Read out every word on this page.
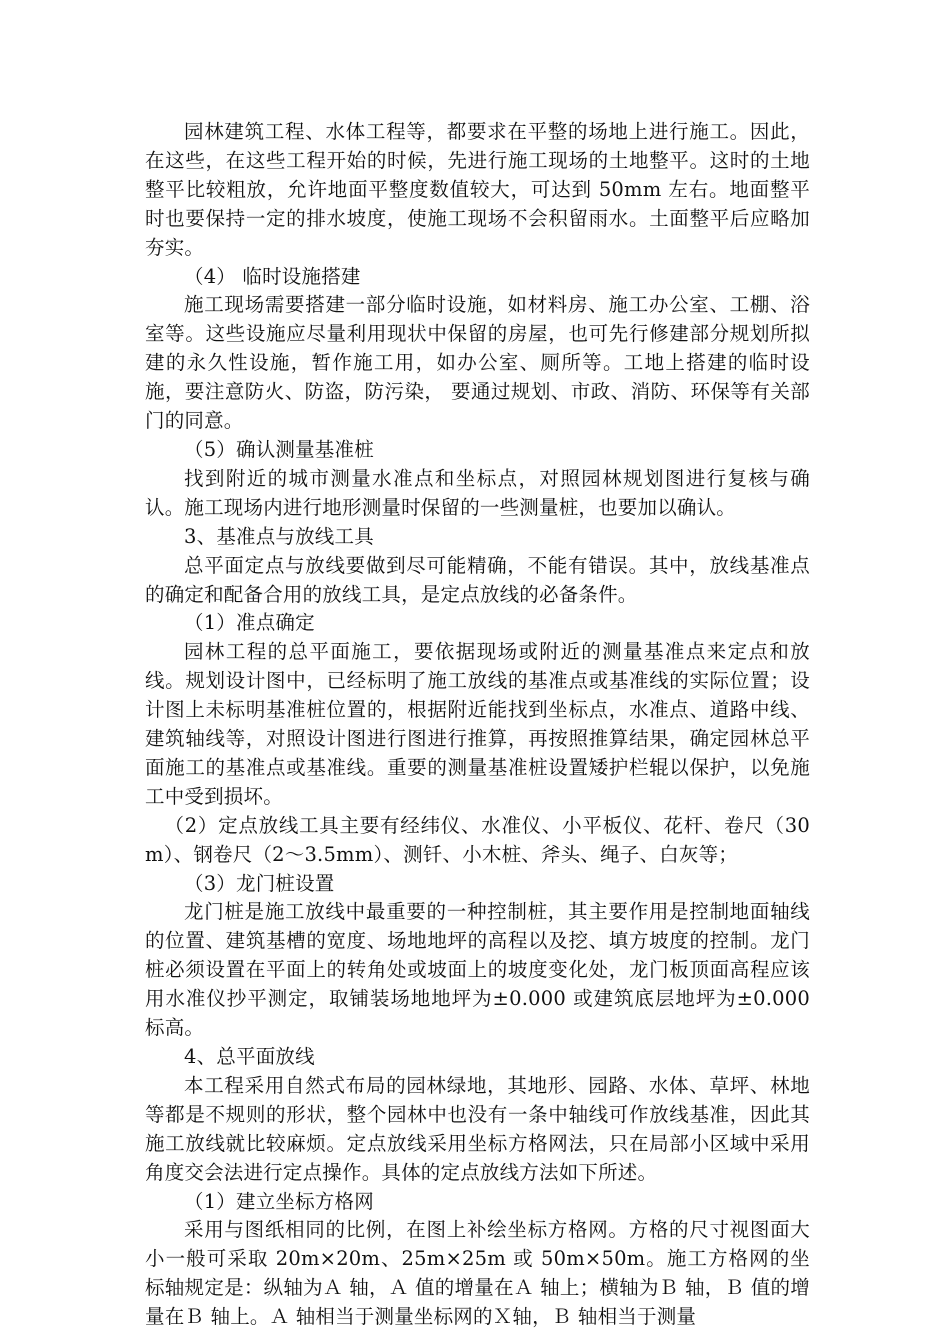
园林建筑工程、水体工程等，都要求在平整的场地上进行施工。因此，在这些，在这些工程开始的时候，先进行施工现场的土地整平。这时的土地整平比较粗放，允许地面平整度数值较大，可达到 50mm 左右。地面整平时也要保持一定的排水坡度，使施工现场不会积留雨水。土面整平后应略加夯实。

（4） 临时设施搭建

施工现场需要搭建一部分临时设施，如材料房、施工办公室、工棚、浴室等。这些设施应尽量利用现状中保留的房屋，也可先行修建部分规划所拟建的永久性设施，暂作施工用，如办公室、厕所等。工地上搭建的临时设施，要注意防火、防盗，防污染， 要通过规划、市政、消防、环保等有关部门的同意。

（5）确认测量基准桩

找到附近的城市测量水准点和坐标点，对照园林规划图进行复核与确认。施工现场内进行地形测量时保留的一些测量桩，也要加以确认。

3、基准点与放线工具

总平面定点与放线要做到尽可能精确，不能有错误。其中，放线基准点的确定和配备合用的放线工具，是定点放线的必备条件。

（1）准点确定

园林工程的总平面施工，要依据现场或附近的测量基准点来定点和放线。规划设计图中，已经标明了施工放线的基准点或基准线的实际位置；设计图上未标明基准桩位置的，根据附近能找到坐标点，水准点、道路中线、建筑轴线等，对照设计图进行图进行推算，再按照推算结果，确定园林总平面施工的基准点或基准线。重要的测量基准桩设置矮护栏辊以保护，以免施工中受到损坏。

（2）定点放线工具主要有经纬仪、水准仪、小平板仪、花杆、卷尺（30m）、钢卷尺（2～3.5mm）、测钎、小木桩、斧头、绳子、白灰等；

（3）龙门桩设置

龙门桩是施工放线中最重要的一种控制桩，其主要作用是控制地面轴线的位置、建筑基槽的宽度、场地地坪的高程以及挖、填方坡度的控制。龙门桩必须设置在平面上的转角处或坡面上的坡度变化处，龙门板顶面高程应该用水准仪抄平测定，取铺装场地地坪为±0.000 或建筑底层地坪为±0.000 标高。

4、总平面放线

本工程采用自然式布局的园林绿地，其地形、园路、水体、草坪、林地等都是不规则的形状，整个园林中也没有一条中轴线可作放线基准，因此其施工放线就比较麻烦。定点放线采用坐标方格网法，只在局部小区域中采用角度交会法进行定点操作。具体的定点放线方法如下所述。

（1）建立坐标方格网

采用与图纸相同的比例，在图上补绘坐标方格网。方格的尺寸视图面大小一般可采取 20m×20m、25m×25m 或 50m×50m。施工方格网的坐标轴规定是：纵轴为Ａ 轴，Ａ 值的增量在Ａ 轴上；横轴为Ｂ 轴，Ｂ 值的增量在Ｂ 轴上。Ａ 轴相当于测量坐标网的Ｘ轴，Ｂ 轴相当于测量
